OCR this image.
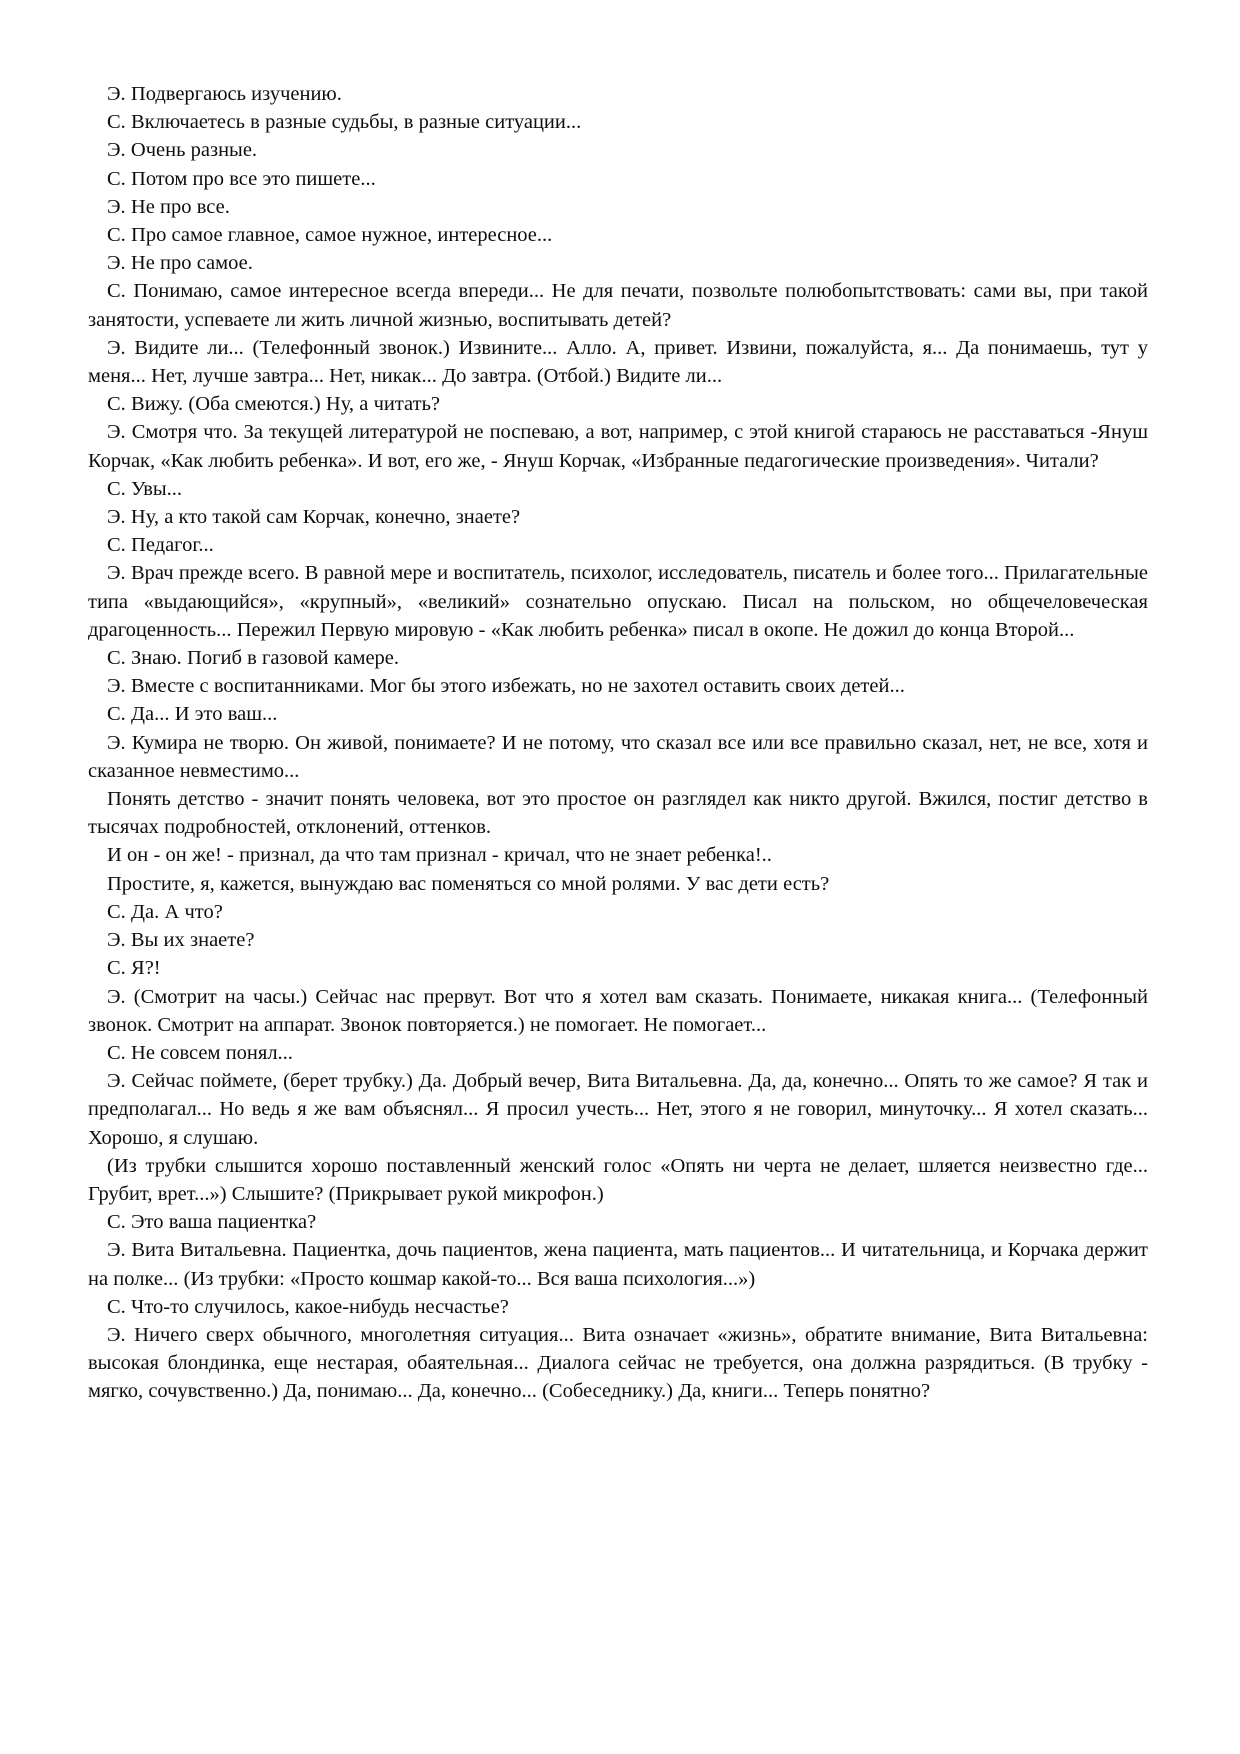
Э. Подвергаюсь изучению.

С. Включаетесь в разные судьбы, в разные ситуации...

Э. Очень разные.

С. Потом про все это пишете...

Э. Не про все.

С. Про самое главное, самое нужное, интересное...

Э. Не про самое.

С. Понимаю, самое интересное всегда впереди... Не для печати, позвольте полюбопытствовать: сами вы, при такой занятости, успеваете ли жить личной жизнью, воспитывать детей?

Э. Видите ли... (Телефонный звонок.) Извините... Алло. А, привет. Извини, пожалуйста, я... Да понимаешь, тут у меня... Нет, лучше завтра... Нет, никак... До завтра. (Отбой.) Видите ли...

С. Вижу. (Оба смеются.) Ну, а читать?

Э. Смотря что. За текущей литературой не поспеваю, а вот, например, с этой книгой стараюсь не расставаться -Януш Корчак, «Как любить ребенка». И вот, его же, - Януш Корчак, «Избранные педагогические произведения». Читали?

С. Увы...

Э. Ну, а кто такой сам Корчак, конечно, знаете?

С. Педагог...

Э. Врач прежде всего. В равной мере и воспитатель, психолог, исследователь, писатель и более того... Прилагательные типа «выдающийся», «крупный», «великий» сознательно опускаю. Писал на польском, но общечеловеческая драгоценность... Пережил Первую мировую - «Как любить ребенка» писал в окопе. Не дожил до конца Второй...

С. Знаю. Погиб в газовой камере.

Э. Вместе с воспитанниками. Мог бы этого избежать, но не захотел оставить своих детей...

С. Да... И это ваш...

Э. Кумира не творю. Он живой, понимаете? И не потому, что сказал все или все правильно сказал, нет, не все, хотя и сказанное невместимо...

Понять детство - значит понять человека, вот это простое он разглядел как никто другой. Вжился, постиг детство в тысячах подробностей, отклонений, оттенков.

И он - он же! - признал, да что там признал - кричал, что не знает ребенка!..

Простите, я, кажется, вынуждаю вас поменяться со мной ролями. У вас дети есть?

С. Да. А что?

Э. Вы их знаете?

С. Я?!

Э. (Смотрит на часы.) Сейчас нас прервут. Вот что я хотел вам сказать. Понимаете, никакая книга... (Телефонный звонок. Смотрит на аппарат. Звонок повторяется.) не помогает. Не помогает...

С. Не совсем понял...

Э. Сейчас поймете, (берет трубку.) Да. Добрый вечер, Вита Витальевна. Да, да, конечно... Опять то же самое? Я так и предполагал... Но ведь я же вам объяснял... Я просил учесть... Нет, этого я не говорил, минуточку... Я хотел сказать... Хорошо, я слушаю.

(Из трубки слышится хорошо поставленный женский голос «Опять ни черта не делает, шляется неизвестно где... Грубит, врет...») Слышите? (Прикрывает рукой микрофон.)

С. Это ваша пациентка?

Э. Вита Витальевна. Пациентка, дочь пациентов, жена пациента, мать пациентов... И читательница, и Корчака держит на полке... (Из трубки: «Просто кошмар какой-то... Вся ваша психология...»)

С. Что-то случилось, какое-нибудь несчастье?

Э. Ничего сверх обычного, многолетняя ситуация... Вита означает «жизнь», обратите внимание, Вита Витальевна: высокая блондинка, еще нестарая, обаятельная... Диалога сейчас не требуется, она должна разрядиться. (В трубку - мягко, сочувственно.) Да, понимаю... Да, конечно... (Собеседнику.) Да, книги... Теперь понятно?
